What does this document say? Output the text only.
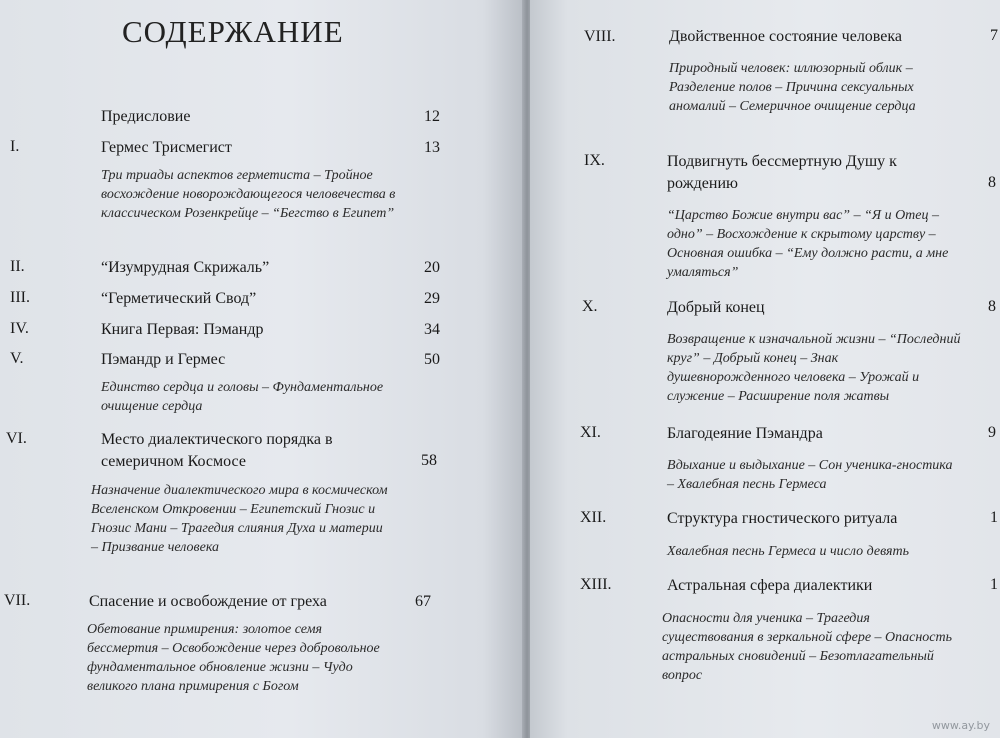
СОДЕРЖАНИЕ
Предисловие	12
I.	Гермес Трисмегист	13
Три триады аспектов герметиста – Тройное восхождение новорождающегося человечества в классическом Розенкрейце – “Бегство в Египет”
II.	“Изумрудная Скрижаль”	20
III.	“Герметический Свод”	29
IV.	Книга Первая: Пэмандр	34
V.	Пэмандр и Гермес	50
Единство сердца и головы – Фундаментальное очищение сердца
VI.	Место диалектического порядка в семеричном Космосе	58
Назначение диалектического мира в космическом Вселенском Откровении – Египетский Гнозис и Гнозис Мани – Трагедия слияния Духа и материи – Призвание человека
VII.	Спасение и освобождение от греха	67
Обетование примирения: золотое семя бессмертия – Освобождение через добровольное фундаментальное обновление жизни – Чудо великого плана примирения с Богом
VIII.	Двойственное состояние человека	7
Природный человек: иллюзорный облик – Разделение полов – Причина сексуальных аномалий – Семеричное очищение сердца
IX.	Подвигнуть бессмертную Душу к рождению	8
“Царство Божие внутри вас” – “Я и Отец – одно” – Восхождение к скрытому царству – Основная ошибка – “Ему должно расти, а мне умаляться”
X.	Добрый конец	8
Возвращение к изначальной жизни – “Последний круг” – Добрый конец – Знак душевнорожденного человека – Урожай и служение – Расширение поля жатвы
XI.	Благодеяние Пэмандра	9
Вдыхание и выдыхание – Сон ученика-гностика – Хвалебная песнь Гермеса
XII.	Структура гностического ритуала	1
Хвалебная песнь Гермеса и число девять
XIII.	Астральная сфера диалектики	1
Опасности для ученика – Трагедия существования в зеркальной сфере – Опасность астральных сновидений – Безотлагательный вопрос
www.ay.by
